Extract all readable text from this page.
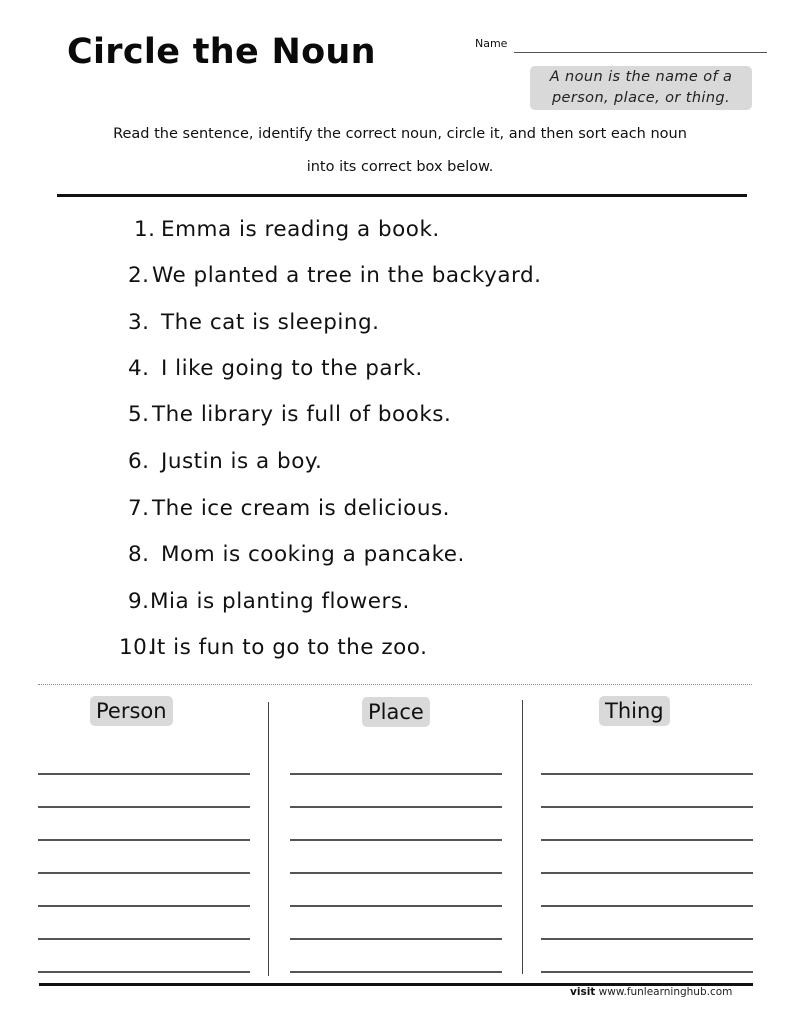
Circle the Noun	Name
A noun is the name of a
person, place, or thing.
Read the sentence, identify the correct noun, circle it, and then sort each noun
into its correct box below.
1. Emma is reading a book.
2. We planted a tree in the backyard.
3. The cat is sleeping.
4. I like going to the park.
5. The library is full of books.
6. Justin is a boy.
7. The ice cream is delicious.
8. Mom is cooking a pancake.
9.Mia is planting flowers.
10.It is fun to go to the zoo.
Person	Place	Thing
visit www.funlearninghub.com
